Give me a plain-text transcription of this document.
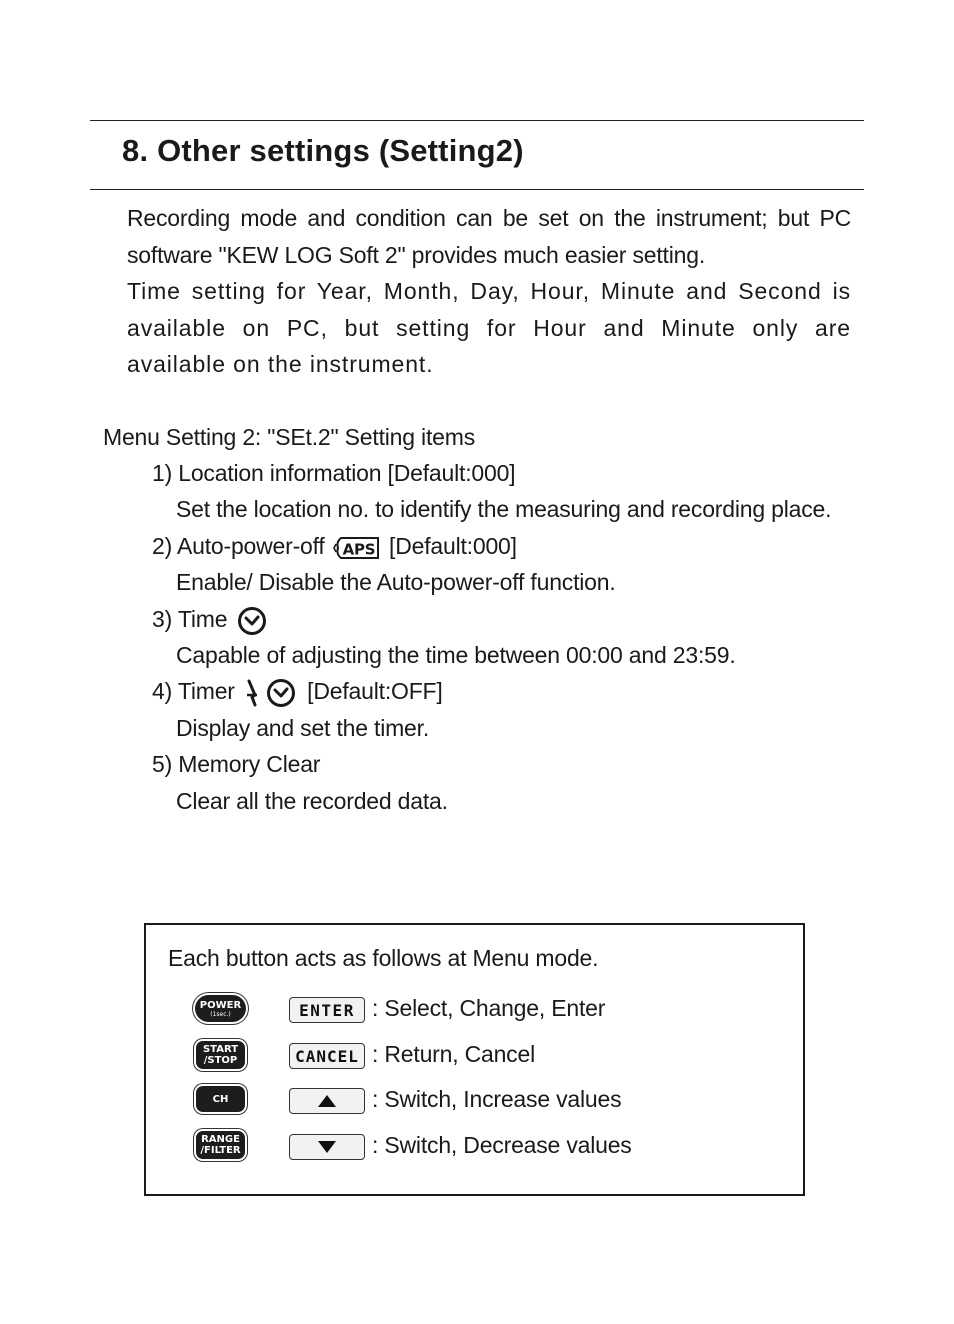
8. Other settings (Setting2)

Recording mode and condition can be set on the instrument; but PC software "KEW LOG Soft 2" provides much easier setting.

Time setting for Year, Month, Day, Hour, Minute and Second is available on PC, but setting for Hour and Minute only are available on the instrument.

Menu Setting 2: "SEt.2" Setting items
1) Location information [Default:000]
Set the location no. to identify the measuring and recording place.
2) Auto-power-off APS [Default:000]
Enable/ Disable the Auto-power-off function.
3) Time
Capable of adjusting the time between 00:00 and 23:59.
4) Timer	[Default:OFF]
Display and set the timer.
5) Memory Clear
Clear all the recorded data.
Each button acts as follows at Menu mode.
POWER
(1sec.)	ENTER : Select, Change, Enter
START
/STOP	CANCEL : Return, Cancel
CH	: Switch, Increase values
RANGE
/FILTER	: Switch, Decrease values
